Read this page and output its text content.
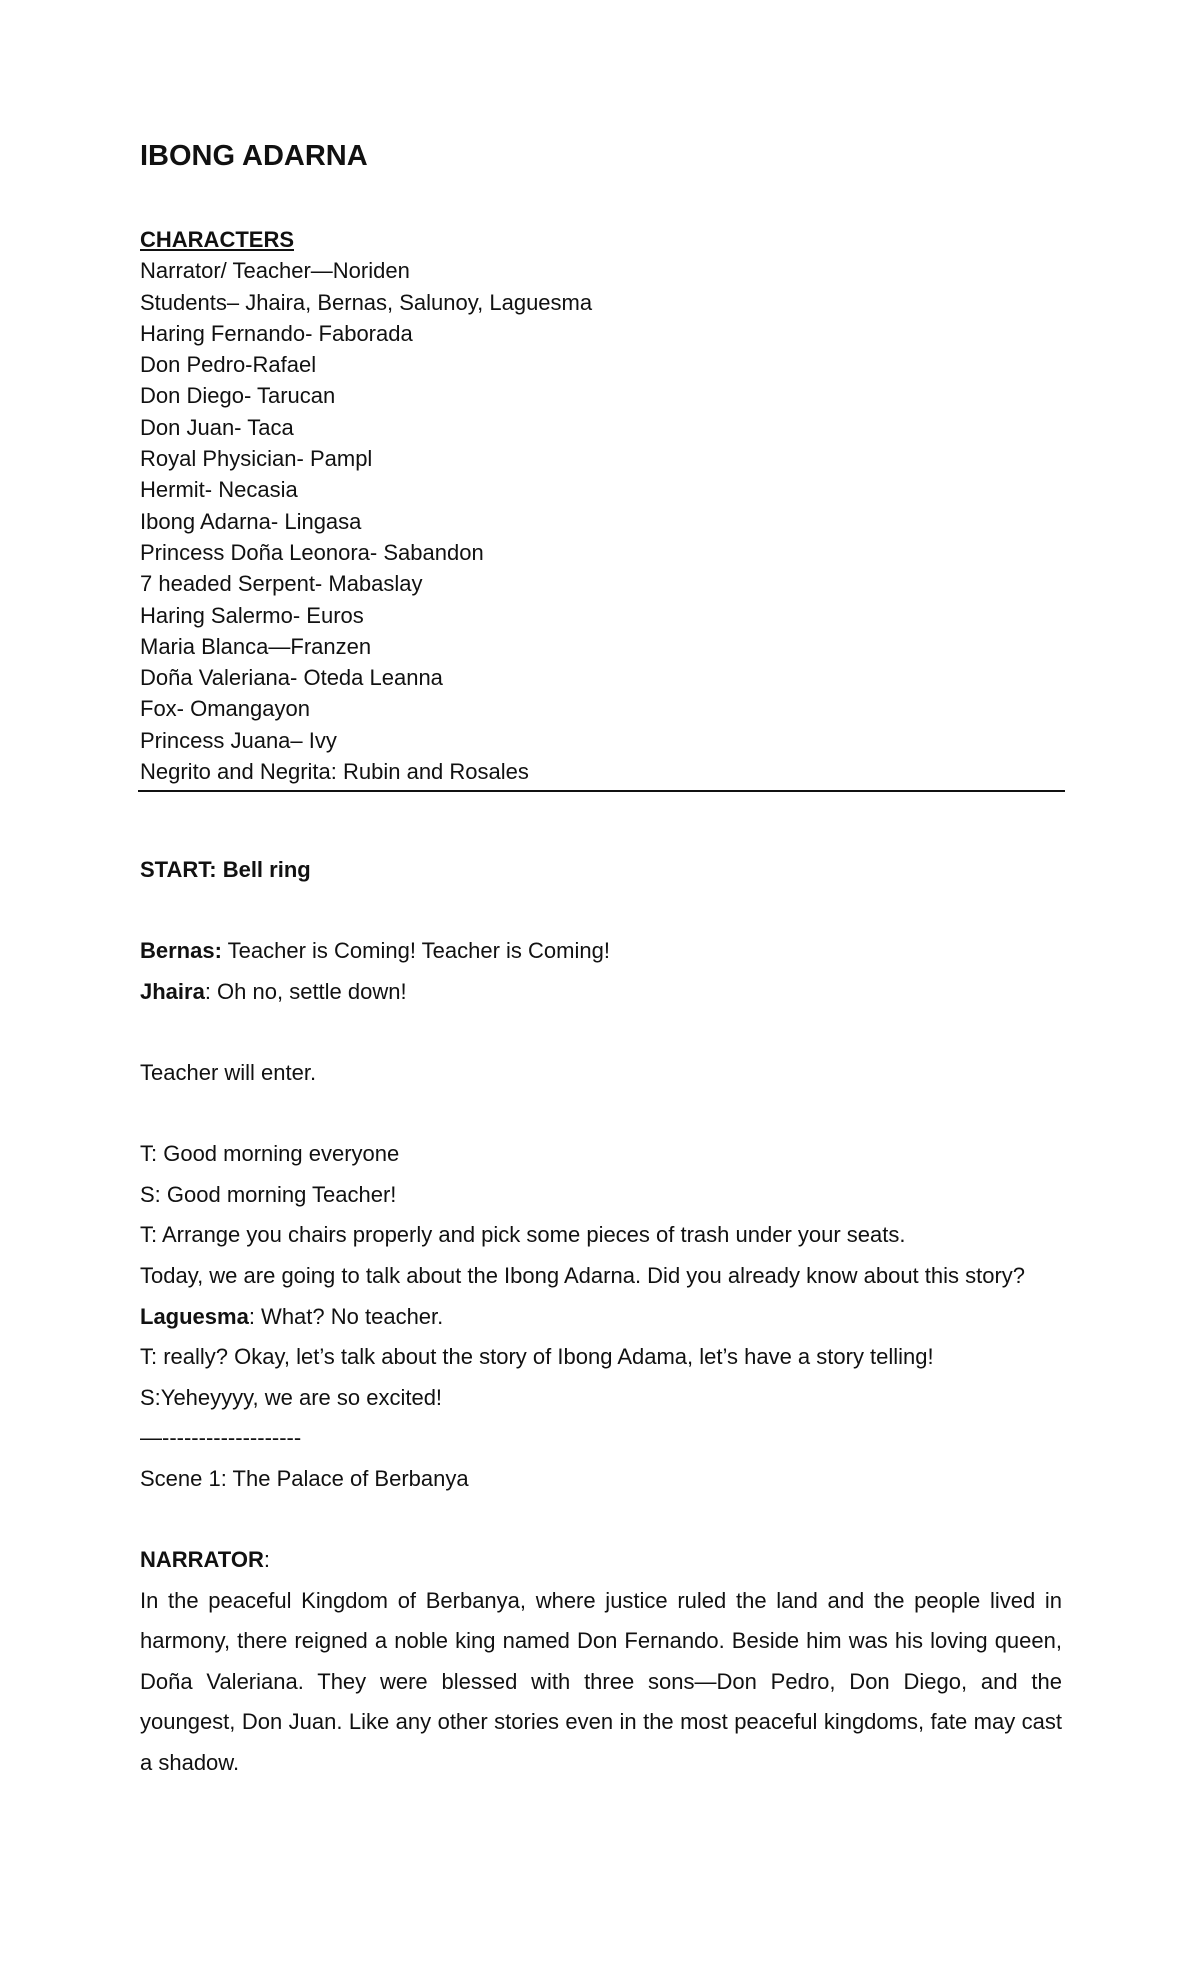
IBONG ADARNA
CHARACTERS
Narrator/ Teacher—Noriden
Students– Jhaira, Bernas, Salunoy, Laguesma
Haring Fernando- Faborada
Don Pedro-Rafael
Don Diego- Tarucan
Don Juan- Taca
Royal Physician- Pampl
Hermit- Necasia
Ibong Adarna- Lingasa
Princess Doña Leonora- Sabandon
7 headed Serpent- Mabaslay
Haring Salermo- Euros
Maria Blanca—Franzen
Doña Valeriana- Oteda Leanna
Fox- Omangayon
Princess Juana– Ivy
Negrito and Negrita: Rubin and Rosales

START: Bell ring

Bernas: Teacher is Coming! Teacher is Coming!

Jhaira: Oh no, settle down!

Teacher will enter.

T: Good morning everyone

S: Good morning Teacher!

T: Arrange you chairs properly and pick some pieces of trash under your seats.

Today, we are going to talk about the Ibong Adarna. Did you already know about this story?

Laguesma: What? No teacher.

T: really? Okay, let’s talk about the story of Ibong Adama, let’s have a story telling!

S:Yeheyyyy, we are so excited!

—-------------------

Scene 1: The Palace of Berbanya

NARRATOR:

In the peaceful Kingdom of Berbanya, where justice ruled the land and the people lived in harmony, there reigned a noble king named Don Fernando. Beside him was his loving queen, Doña Valeriana. They were blessed with three sons—Don Pedro, Don Diego, and the youngest, Don Juan. Like any other stories even in the most peaceful kingdoms, fate may cast a shadow.
